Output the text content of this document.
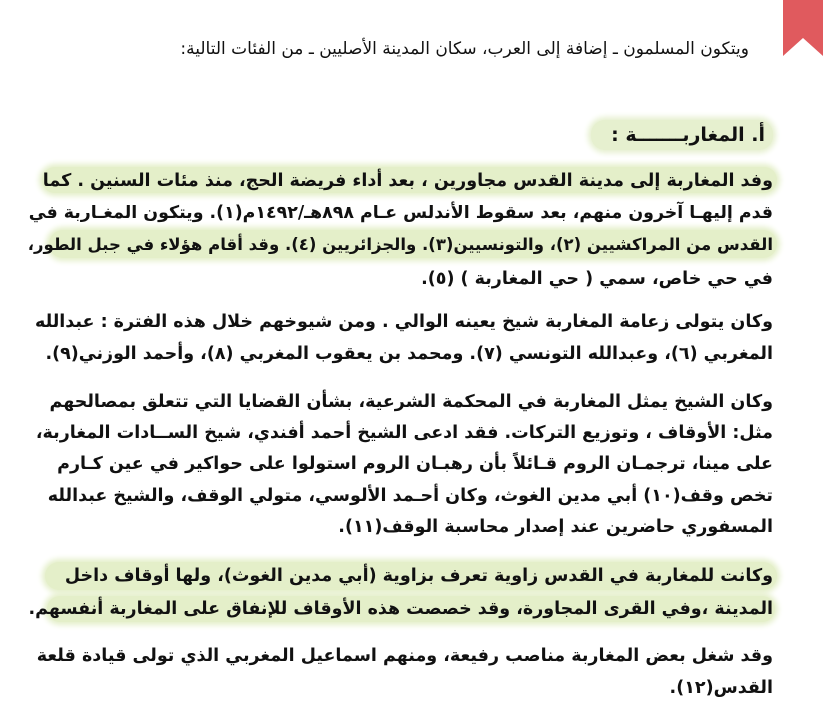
ويتكون المسلمون ـ إضافة إلى العرب، سكان المدينة الأصليين ـ من الفئات التالية:
أ. المغاربـــــــة :
وفد المغاربة إلى مدينة القدس مجاورين ، بعد أداء فريضة الحج، منذ مئات السنين . كما
قدم إليهـا آخرون منهم، بعد سقوط الأندلس عـام ٨٩٨هـ/١٤٩٢م(١). ويتكون المغـاربة في
القدس من المراكشيين (٢)، والتونسيين(٣). والجزائريين (٤). وقد أقام هؤلاء في جبل الطور،
في حي خاص، سمي ( حي المغاربة ) (٥).
وكان يتولى زعامة المغاربة شيخ يعينه الوالي . ومن شيوخهم خلال هذه الفترة : عبدالله
المغربي (٦)، وعبدالله التونسي (٧). ومحمد بن يعقوب المغربي (٨)، وأحمد الوزني(٩).
وكان الشيخ يمثل المغاربة في المحكمة الشرعية، بشأن القضايا التي تتعلق بمصالحهم
مثل: الأوقاف ، وتوزيع التركات. فقد ادعى الشيخ أحمد أفندي، شيخ الســادات المغاربة،
على مينا، ترجمـان الروم قـائلاً بأن رهبـان الروم استولوا على حواكير في عين كـارم
تخص وقف(١٠) أبي مدين الغوث، وكان أحـمد الألوسي، متولي الوقف، والشيخ عبدالله
المسفوري حاضرين عند إصدار محاسبة الوقف(١١).
وكانت للمغاربة في القدس زاوية تعرف بزاوية (أبي مدين الغوث)، ولها أوقاف داخل
المدينة ،وفي القرى المجاورة، وقد خصصت هذه الأوقاف للإنفاق على المغاربة أنفسهم.
وقد شغل بعض المغاربة مناصب رفيعة، ومنهم اسماعيل المغربي الذي تولى قيادة قلعة
القدس(١٢).
